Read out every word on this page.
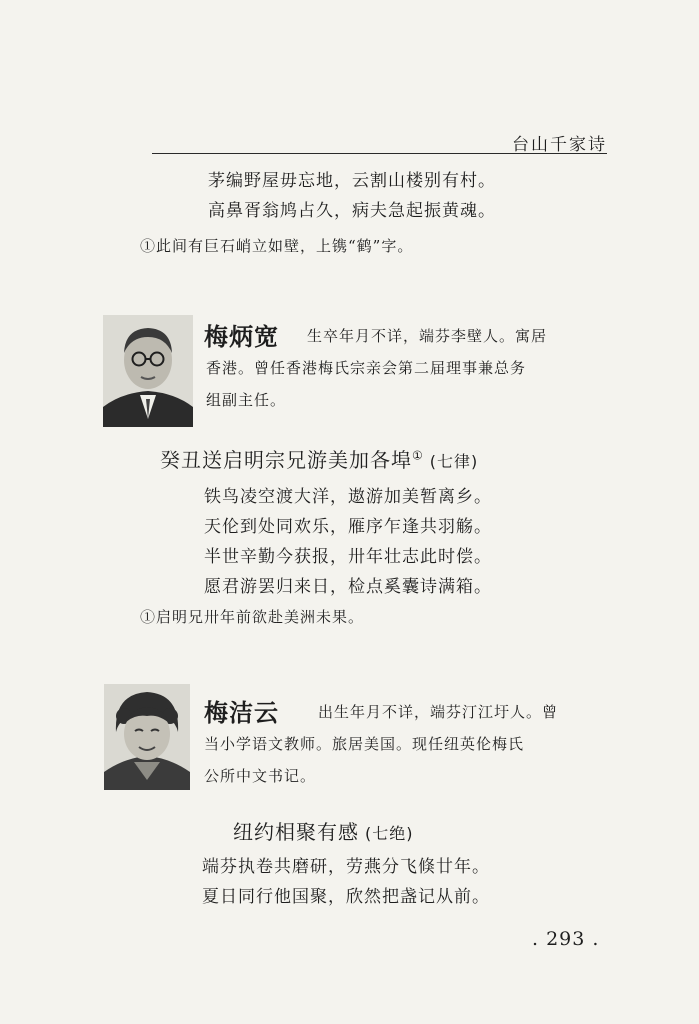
台山千家诗
茅编野屋毋忘地，云割山楼别有村。
高鼻胥翁鸠占久，病夫急起振黄魂。
①此间有巨石峭立如壁，上镌“鹤”字。
梅炳宽 生卒年月不详，端芬李壁人。寓居
香港。曾任香港梅氏宗亲会第二届理事兼总务
组副主任。
癸丑送启明宗兄游美加各埠① (七律)
铁鸟凌空渡大洋，遨游加美暂离乡。
天伦到处同欢乐，雁序乍逢共羽觞。
半世辛勤今获报，卅年壮志此时偿。
愿君游罢归来日，检点奚囊诗满箱。
①启明兄卅年前欲赴美洲未果。
梅洁云	出生年月不详，端芬汀江圩人。曾
当小学语文教师。旅居美国。现任纽英伦梅氏
公所中文书记。
纽约相聚有感 (七绝)
端芬执卷共磨研，劳燕分飞倏廿年。
夏日同行他国聚，欣然把盏记从前。
. 293 .
